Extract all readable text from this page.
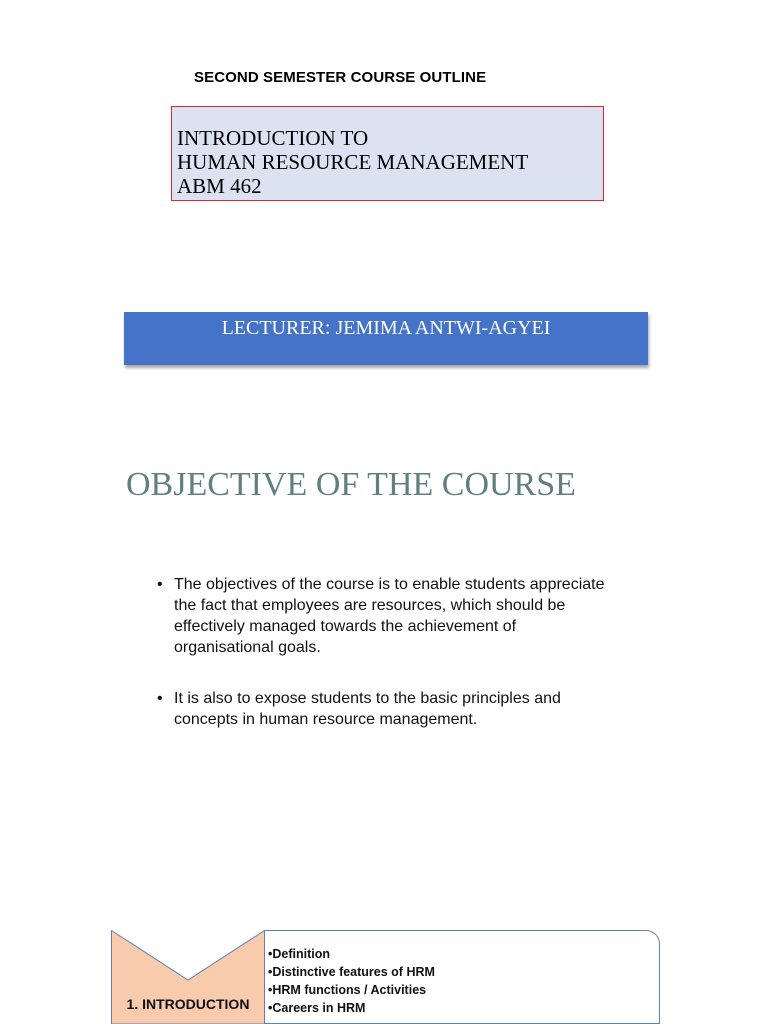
SECOND SEMESTER COURSE OUTLINE
INTRODUCTION TO
HUMAN RESOURCE MANAGEMENT
ABM 462
LECTURER: JEMIMA ANTWI-AGYEI
OBJECTIVE OF THE COURSE
• The objectives of the course is to enable students appreciate the fact that employees are resources, which should be effectively managed towards the achievement of organisational goals.
• It is also to expose students to the basic principles and concepts in human resource management.
1. INTRODUCTION
•Definition
•Distinctive features of HRM
•HRM functions / Activities
•Careers in HRM
